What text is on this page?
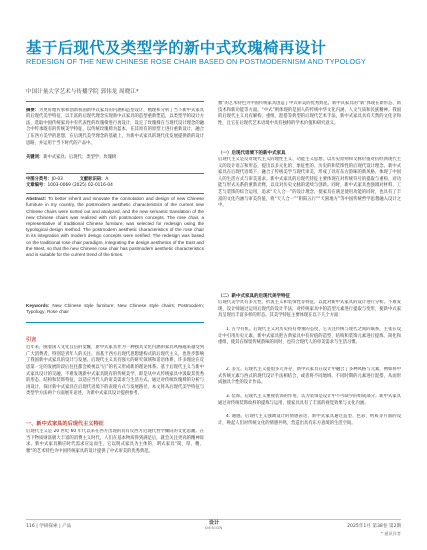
基于后现代及类型学的新中式玫瑰椅再设计
REDESIGN OF THE NEW CHINESE ROSE CHAIR BASED ON POSTMODERNISM AND TYPOLOGY
中国计量大学艺术与传播学院 郭伟龙 周晓江*

摘要：为更好地传承和创新我国新中式家具的内涵和造型设计，梳理和分析了当下新中式家具的后现代美学特征，以丰富的后现代理念实现新中式家具的造型重新塑造，以类型学的设计方法，选取中国传统家具中有代表性的玫瑰椅进行再设计，设定了玫瑰椅在与现代设计理念的融合中传承既有的传统美学特征，以传统玫瑰椅为蓝本，在其原有的原型上进行重新设计，融合了东西方美学的思想，在后现代美学理念的基础上，为新中式家具的现代化发展提供新的设计思路，并运用于当下时代的产品中。

关键词：新中式家具；后现代；类型学；玫瑰椅

中图分类号：J0-03	文献标识码：A
文章编号：1003-0069 (2025) 02-0116-04

Abstract: To better inherit and innovate the connotation and design of new Chinese furniture in my country, the postmodern aesthetic characteristics of the current new Chinese chairs were sorted out and analyzed, and the new semantic translation of the new Chinese chairs was realized with rich postmodern concepts. The rose chair, a representative of traditional Chinese furniture, was selected for redesign using the typological design method. The postmodern aesthetic characteristics of the rose chair in its integration with modern design concepts were verified. The redesign was based on the traditional rose chair paradigm, integrating the design aesthetics of the East and the West, so that the new Chinese rose chair has postmodern aesthetic characteristics and is suitable for the current trend of the times.

Keywords: New Chinese style furniture; New Chinese style chairs; Postmodern; Typology; Rose chair

引言

近年来，随着国人文化自信的觉醒，新中式家具作为一种独具文化内涵的家具风格越来越受到广大消费者，特别是青年人的关注。而基于西方后现代思想建构式的后现代主义，也进步影响了我国新中式家具的设计与发展。后现代主义具有强大的研究领域和话语体系，许多理论在反思第一定的发展阶段后往往都会被视以“后”的名义形成新的理论体系。基于后现代主义与新中式家具设计的交融，不难发现新中式家具既有的传统美学，即是从中式传统家具中汲取其优秀的形态、结构和装饰特征，以适应当代人的审美需求与生活方式。通过对传统玫瑰椅的分析与再设计，探讨新中式家具在后现代语境下的表现方式与发展路径，本文将从后现代美学特征与类型学方法两个方面展开论述，为新中式家具设计提供参考。

一、新中式家具的后现代主义特征

后现代主义是 20 世纪 60 年代以来在西方出现的具有反西方近现代哲学倾向的文化思潮。在当下物质财富极大丰富的消费主义时代，人们在基本物质得到满足后，就会关注更高的精神诉求。新中式家具顺应时代需求应运而生，它以明式家具为主体的，明式家具“简、厚、精、雅”的艺术特色为中国传统家具的设计提供了中式审美的优秀典范。

雅”的艺术特色为中国传统家具创造了中式审美的优秀典范。新中式家具的“新”体现在新形态、新技术和新功能等方面。“中式”则体现的是国人的传统中华文化内涵、人文气质和民族精神。我国的后现代主义具有解构、重组、混搭等典型的后现代艺术手法，新中式家具具有天然的文化亲和性，且它在后现代艺术语境中具有独特的学术价值和研究意义。

（一）后现代语境下的新中式家具

后现代主义是反对现代主义的理性主义、功能主义思想，以历史原则和文脉价值对抗经典现代主义的设计语言和形态，提出以多元化的、象征性的、历史的和装饰性的后现代设计理念。新中式家具在后现代语境下，融合了传统美学与现代审美，形成了具有东方韵味的新风格，体现了中国人的生活方式与审美追求。新中式家具的后现代特征主要体现在对传统符号的提取与重构、对功能与形式关系的重新诠释，以及对历史文脉的延续与创新。同时，新中式家具也强调对材料、工艺与装饰的综合运用，追求“天人合一”的设计理念，使家具在满足使用功能的同时，也具有了丰富的文化内涵与审美价值，将“天人合一”“阴阳五行”“天圆地方”等中国传统哲学思想融入设计之中。

（二）新中式家具的后现代美学特征

后现代美学具有多元性、折衷主义和装饰性等特征，以此对新中式家具的设计进行分析，不难发现，设计师通过运用后现代的设计手法，对传统家具中的造型元素进行提取与变形，使新中式家具呈现出丰富多样的形态。其美学特征主要体现在以下几个方面：

1. 古今有机。后现代主义对历史持有尊重的态度，它关注传统与现代之间的联系，主张在设计中引用历史元素，新中式家具把古典家具中有价值的造型、结构和装饰元素进行提炼、简化和重组，使其在保留传统韵味的同时，也符合现代人的审美需求与生活习惯。

2. 多元。后现代主义提倡多元并存，新中式家具在设计中融合了多种风格与元素，例如将中式传统元素与西式的现代设计手法相结合，或者将不同地域、不同时期的元素进行混搭，从而形成独具个性的设计作品。

3. 装饰。后现代主义重视装饰的作用，认为装饰是设计中不可缺少的组成部分。新中式家具通过对传统装饰纹样的提炼与运用，使家具具有了丰富的视觉效果与文化内涵。

4. 通感。后现代主义强调设计的情感表达，新中式家具通过造型、色彩、材质等方面的设计，唤起人们对传统文化的情感共鸣，营造出具有东方意境的生活空间。

116 | 学研探索 | 产品
设计
DESIGN	2025年1月 第38卷 第2期
* 通讯作者
